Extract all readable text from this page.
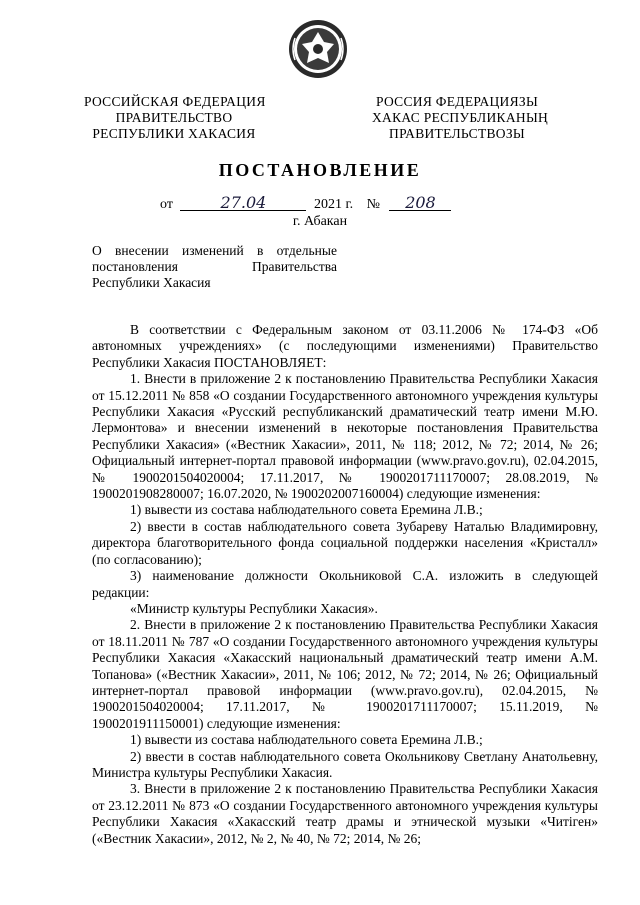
РОССИЙСКАЯ ФЕДЕРАЦИЯ
ПРАВИТЕЛЬСТВО
РЕСПУБЛИКИ ХАКАСИЯ
РОССИЯ ФЕДЕРАЦИЯЗЫ
ХАКАС РЕСПУБЛИКАНЫҢ
ПРАВИТЕЛЬСТВОЗЫ
ПОСТАНОВЛЕНИЕ
от	27.04	2021 г. № 208
г. Абакан
О внесении изменений в отдельные
постановления	Правительства
Республики Хакасия

В соответствии с Федеральным законом от 03.11.2006 № 174-ФЗ «Об автономных учреждениях» (с последующими изменениями) Правительство Республики Хакасия ПОСТАНОВЛЯЕТ:

1. Внести в приложение 2 к постановлению Правительства Республики Хакасия от 15.12.2011 № 858 «О создании Государственного автономного учреждения культуры Республики Хакасия «Русский республиканский драматический театр имени М.Ю. Лермонтова» и внесении изменений в некоторые постановления Правительства Республики Хакасия» («Вестник Хакасии», 2011, № 118; 2012, № 72; 2014, № 26; Официальный интернет-портал правовой информации (www.pravo.gov.ru), 02.04.2015, № 1900201504020004; 17.11.2017, № 1900201711170007; 28.08.2019, № 1900201908280007; 16.07.2020, № 1900202007160004) следующие изменения:

1) вывести из состава наблюдательного совета Еремина Л.В.;

2) ввести в состав наблюдательного совета Зубареву Наталью Владимировну, директора благотворительного фонда социальной поддержки населения «Кристалл» (по согласованию);

3) наименование должности Окольниковой С.А. изложить в следующей редакции:

«Министр культуры Республики Хакасия».

2. Внести в приложение 2 к постановлению Правительства Республики Хакасия от 18.11.2011 № 787 «О создании Государственного автономного учреждения культуры Республики Хакасия «Хакасский национальный драматический театр имени А.М. Топанова» («Вестник Хакасии», 2011, № 106; 2012, № 72; 2014, № 26; Официальный интернет-портал правовой информации (www.pravo.gov.ru), 02.04.2015, № 1900201504020004; 17.11.2017, № 1900201711170007; 15.11.2019, № 1900201911150001) следующие изменения:

1) вывести из состава наблюдательного совета Еремина Л.В.;

2) ввести в состав наблюдательного совета Окольникову Светлану Анатольевну, Министра культуры Республики Хакасия.

3. Внести в приложение 2 к постановлению Правительства Республики Хакасия от 23.12.2011 № 873 «О создании Государственного автономного учреждения культуры Республики Хакасия «Хакасский театр драмы и этнической музыки «Читiген» («Вестник Хакасии», 2012, № 2, № 40, № 72; 2014, № 26;
